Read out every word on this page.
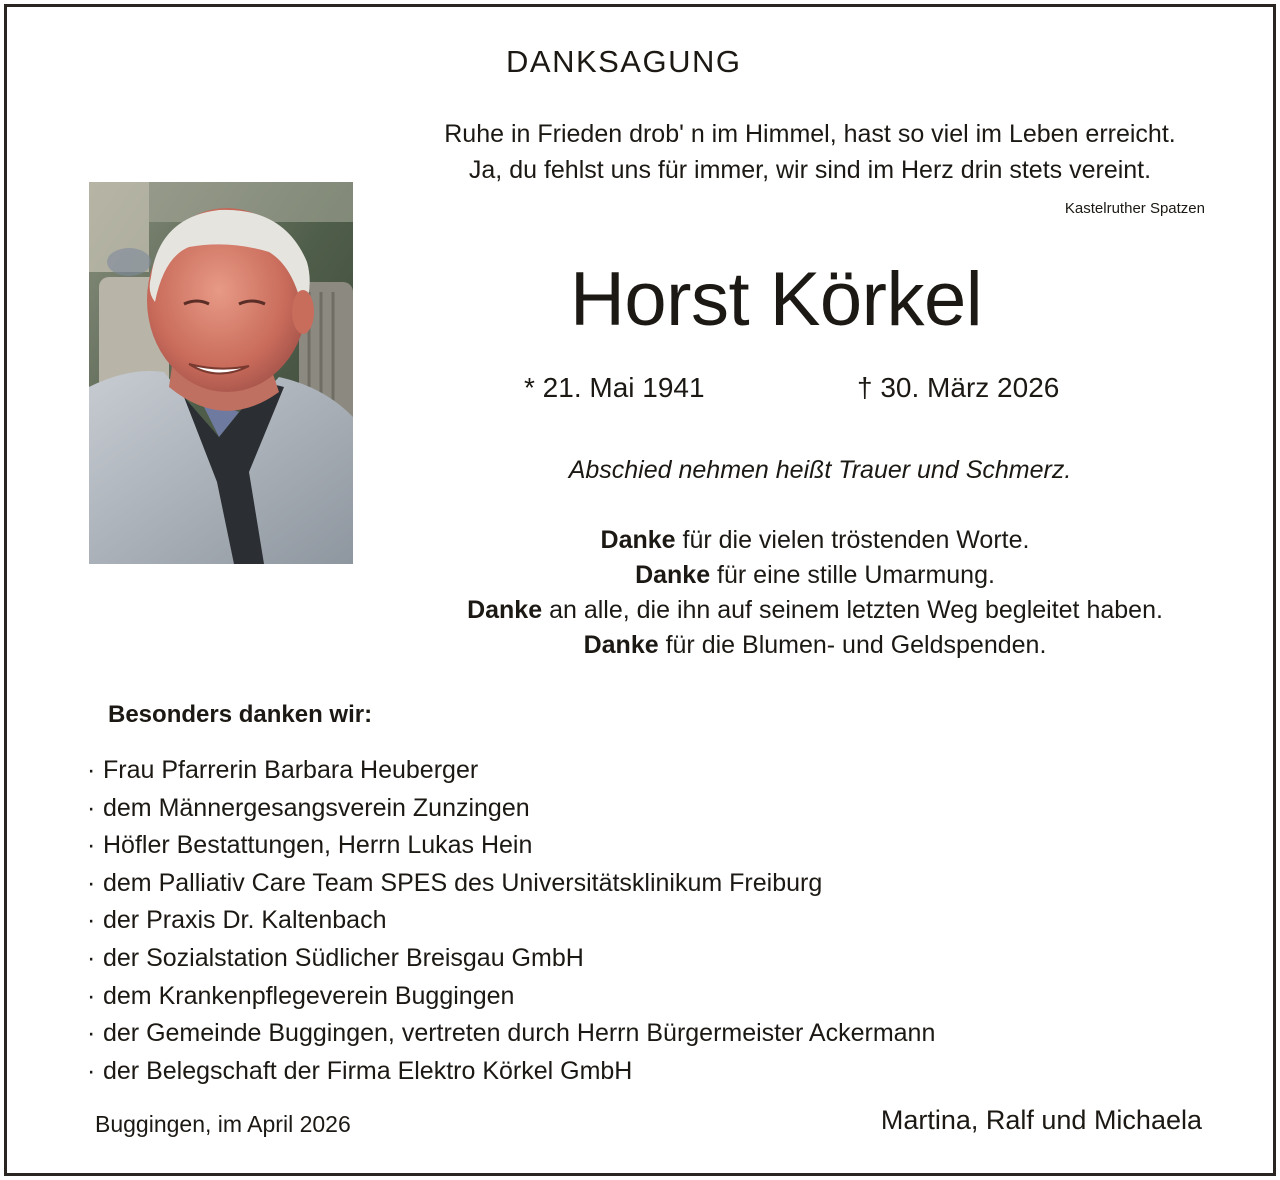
DANKSAGUNG
Ruhe in Frieden drob' n im Himmel, hast so viel im Leben erreicht.
Ja, du fehlst uns für immer, wir sind im Herz drin stets vereint.
Kastelruther Spatzen
Horst Körkel
* 21. Mai 1941	† 30. März 2026
Abschied nehmen heißt Trauer und Schmerz.
Danke für die vielen tröstenden Worte.
Danke für eine stille Umarmung.
Danke an alle, die ihn auf seinem letzten Weg begleitet haben.
Danke für die Blumen- und Geldspenden.
Besonders danken wir:
· Frau Pfarrerin Barbara Heuberger
· dem Männergesangsverein Zunzingen
· Höfler Bestattungen, Herrn Lukas Hein
· dem Palliativ Care Team SPES des Universitätsklinikum Freiburg
· der Praxis Dr. Kaltenbach
· der Sozialstation Südlicher Breisgau GmbH
· dem Krankenpflegeverein Buggingen
· der Gemeinde Buggingen, vertreten durch Herrn Bürgermeister Ackermann
· der Belegschaft der Firma Elektro Körkel GmbH
Buggingen, im April 2026	Martina, Ralf und Michaela
